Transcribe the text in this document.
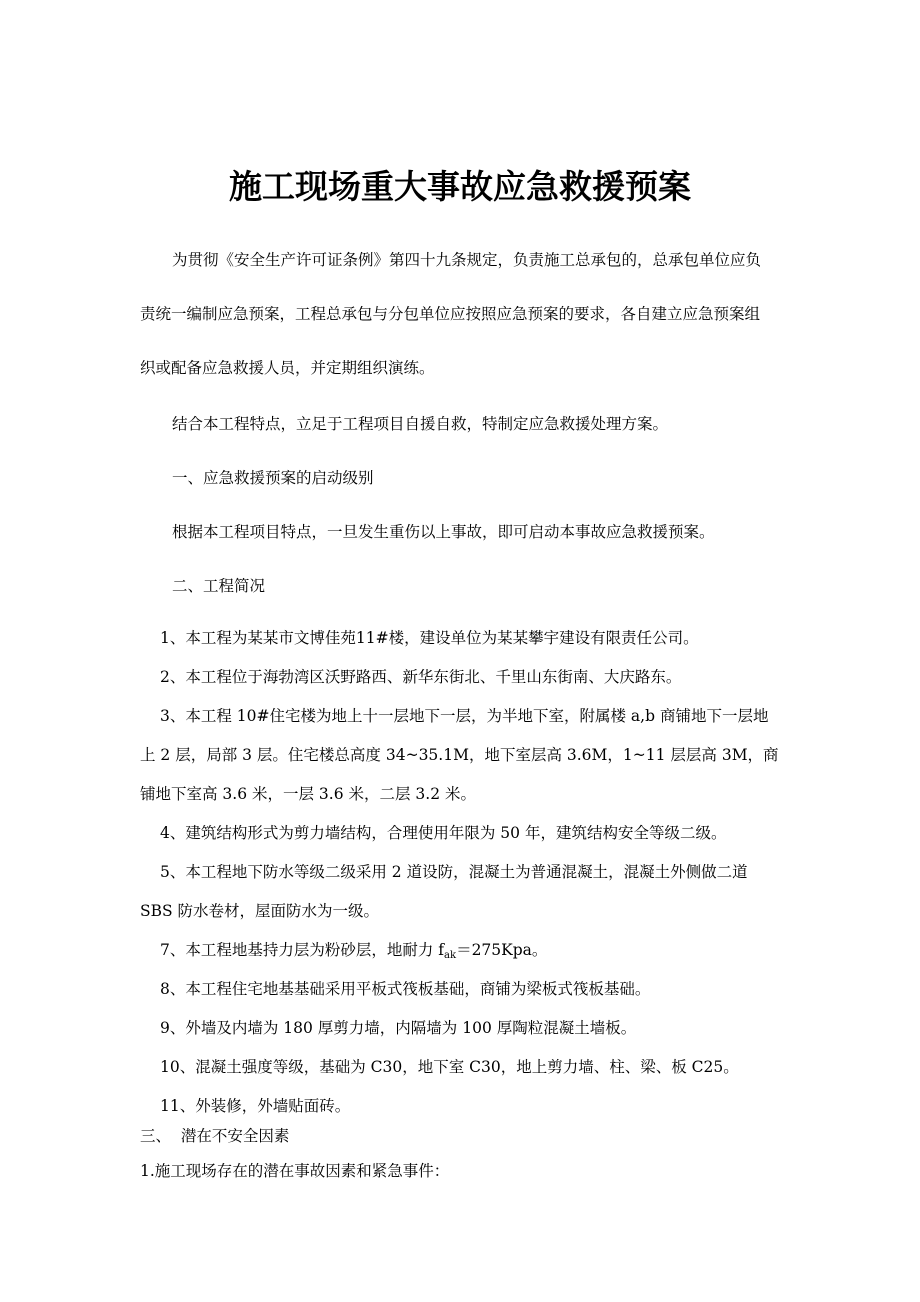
施工现场重大事故应急救援预案
为贯彻《安全生产许可证条例》第四十九条规定，负责施工总承包的，总承包单位应负
责统一编制应急预案，工程总承包与分包单位应按照应急预案的要求，各自建立应急预案组
织或配备应急救援人员，并定期组织演练。
结合本工程特点，立足于工程项目自援自救，特制定应急救援处理方案。
一、应急救援预案的启动级别
根据本工程项目特点，一旦发生重伤以上事故，即可启动本事故应急救援预案。
二、工程简况
1、本工程为某某市文博佳苑11#楼，建设单位为某某攀宇建设有限责任公司。
2、本工程位于海勃湾区沃野路西、新华东街北、千里山东街南、大庆路东。
3、本工程 10#住宅楼为地上十一层地下一层，为半地下室，附属楼 a,b 商铺地下一层地
上 2 层，局部 3 层。住宅楼总高度 34~35.1M，地下室层高 3.6M，1~11 层层高 3M，商
铺地下室高 3.6 米，一层 3.6 米，二层 3.2 米。
4、建筑结构形式为剪力墙结构，合理使用年限为 50 年，建筑结构安全等级二级。
5、本工程地下防水等级二级采用 2 道设防，混凝土为普通混凝土，混凝土外侧做二道
SBS 防水卷材，屋面防水为一级。
7、本工程地基持力层为粉砂层，地耐力 $f_{ak}=275Kpa$。
8、本工程住宅地基基础采用平板式筏板基础，商铺为梁板式筏板基础。
9、外墙及内墙为 180 厚剪力墙，内隔墙为 100 厚陶粒混凝土墙板。
10、混凝土强度等级，基础为 C30，地下室 C30，地上剪力墙、柱、梁、板 C25。
11、外装修，外墙贴面砖。
三、  潜在不安全因素
1.施工现场存在的潜在事故因素和紧急事件：
